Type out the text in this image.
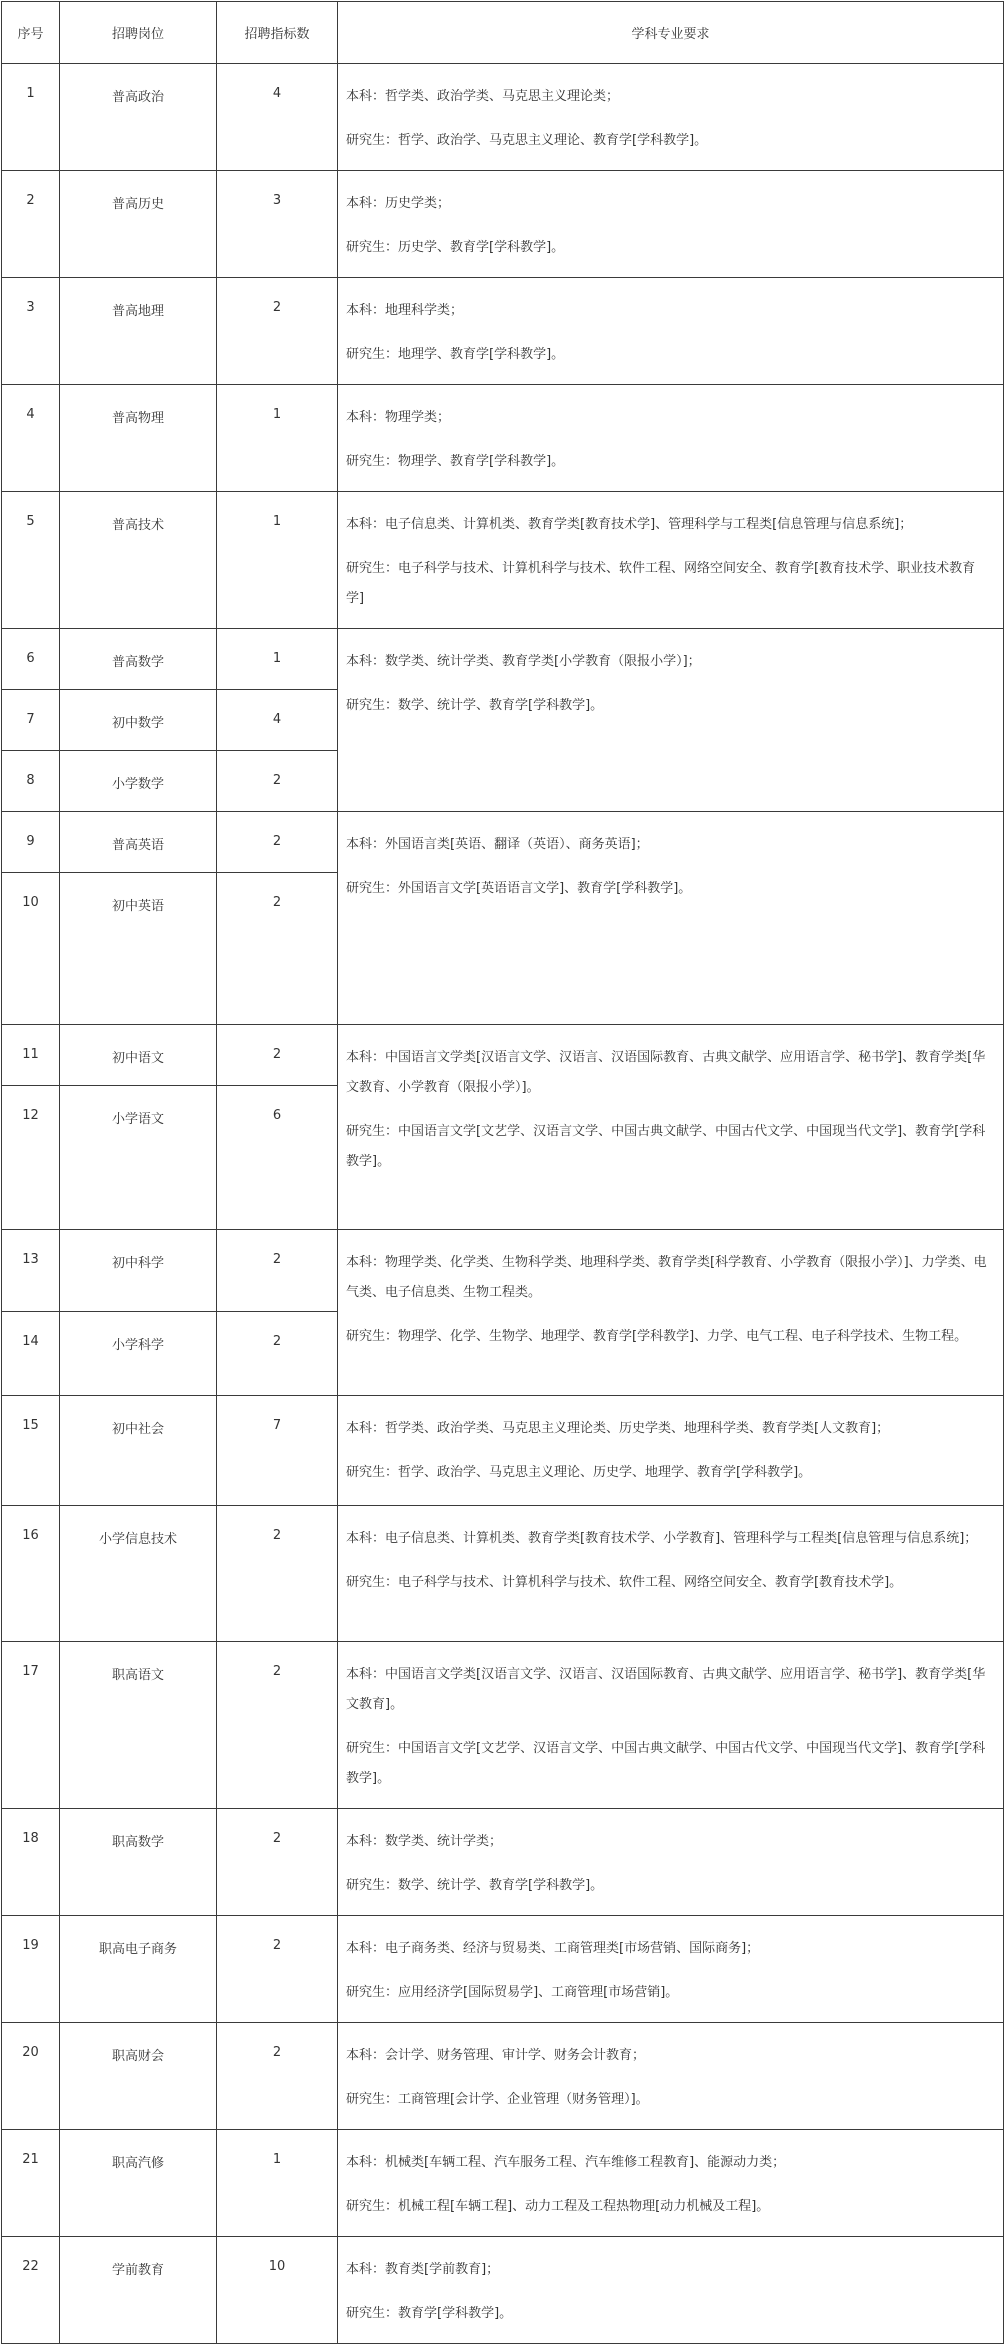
序号	招聘岗位	招聘指标数	学科专业要求
1	普高政治	4	本科：哲学类、政治学类、马克思主义理论类；

研究生：哲学、政治学、马克思主义理论、教育学[学科教学]。

2	普高历史	3	本科：历史学类；

研究生：历史学、教育学[学科教学]。

3	普高地理	2	本科：地理科学类；

研究生：地理学、教育学[学科教学]。

4	普高物理	1	本科：物理学类；

研究生：物理学、教育学[学科教学]。

5	普高技术	1	本科：电子信息类、计算机类、教育学类[教育技术学]、管理科学与工程类[信息管理与信息系统]；

研究生：电子科学与技术、计算机科学与技术、软件工程、网络空间安全、教育学[教育技术学、职业技术教育学]

6	普高数学	1	本科：数学类、统计学类、教育学类[小学教育（限报小学）]；

研究生：数学、统计学、教育学[学科教学]。

7	初中数学	4	
8	小学数学	2	
9	普高英语	2	本科：外国语言类[英语、翻译（英语）、商务英语]；

研究生：外国语言文学[英语语言文学]、教育学[学科教学]。

10	初中英语	2	
11	初中语文	2	本科：中国语言文学类[汉语言文学、汉语言、汉语国际教育、古典文献学、应用语言学、秘书学]、教育学类[华文教育、小学教育（限报小学）]。

研究生：中国语言文学[文艺学、汉语言文学、中国古典文献学、中国古代文学、中国现当代文学]、教育学[学科教学]。

12	小学语文	6	
13	初中科学	2	本科：物理学类、化学类、生物科学类、地理科学类、教育学类[科学教育、小学教育（限报小学）]、力学类、电气类、电子信息类、生物工程类。

研究生：物理学、化学、生物学、地理学、教育学[学科教学]、力学、电气工程、电子科学技术、生物工程。

14	小学科学	2	
15	初中社会	7	本科：哲学类、政治学类、马克思主义理论类、历史学类、地理科学类、教育学类[人文教育]；

研究生：哲学、政治学、马克思主义理论、历史学、地理学、教育学[学科教学]。

16	小学信息技术	2	本科：电子信息类、计算机类、教育学类[教育技术学、小学教育]、管理科学与工程类[信息管理与信息系统]；

研究生：电子科学与技术、计算机科学与技术、软件工程、网络空间安全、教育学[教育技术学]。

17	职高语文	2	本科：中国语言文学类[汉语言文学、汉语言、汉语国际教育、古典文献学、应用语言学、秘书学]、教育学类[华文教育]。

研究生：中国语言文学[文艺学、汉语言文学、中国古典文献学、中国古代文学、中国现当代文学]、教育学[学科教学]。

18	职高数学	2	本科：数学类、统计学类；

研究生：数学、统计学、教育学[学科教学]。

19	职高电子商务	2	本科：电子商务类、经济与贸易类、工商管理类[市场营销、国际商务]；

研究生：应用经济学[国际贸易学]、工商管理[市场营销]。

20	职高财会	2	本科：会计学、财务管理、审计学、财务会计教育；

研究生：工商管理[会计学、企业管理（财务管理）]。

21	职高汽修	1	本科：机械类[车辆工程、汽车服务工程、汽车维修工程教育]、能源动力类；

研究生：机械工程[车辆工程]、动力工程及工程热物理[动力机械及工程]。

22	学前教育	10	本科：教育类[学前教育]；

研究生：教育学[学科教学]。
